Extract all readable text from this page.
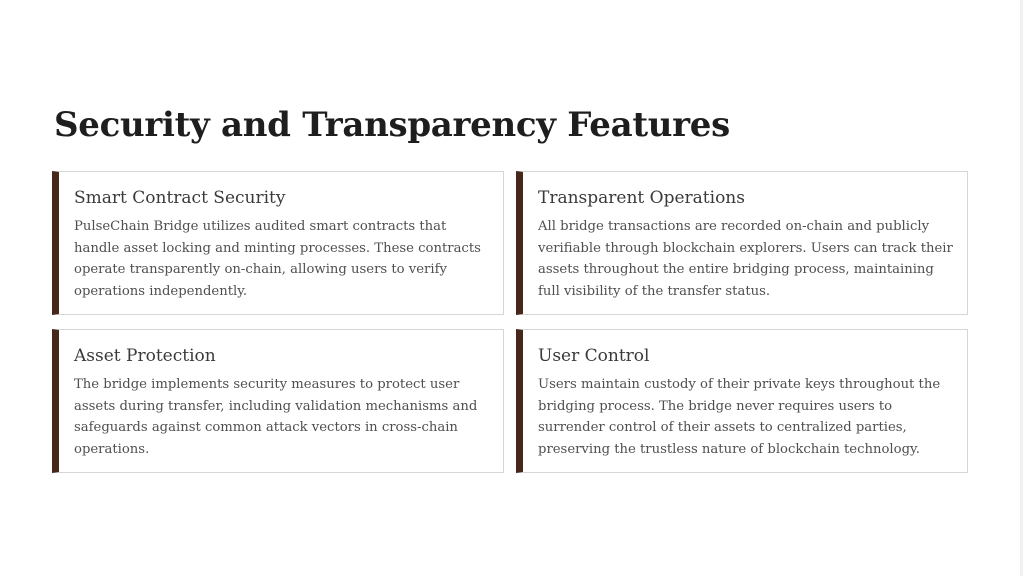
Security and Transparency Features
Smart Contract Security

PulseChain Bridge utilizes audited smart contracts that handle asset locking and minting processes. These contracts operate transparently on-chain, allowing users to verify operations independently.

Transparent Operations

All bridge transactions are recorded on-chain and publicly verifiable through blockchain explorers. Users can track their assets throughout the entire bridging process, maintaining full visibility of the transfer status.

Asset Protection

The bridge implements security measures to protect user assets during transfer, including validation mechanisms and safeguards against common attack vectors in cross-chain operations.

User Control

Users maintain custody of their private keys throughout the bridging process. The bridge never requires users to surrender control of their assets to centralized parties, preserving the trustless nature of blockchain technology.
